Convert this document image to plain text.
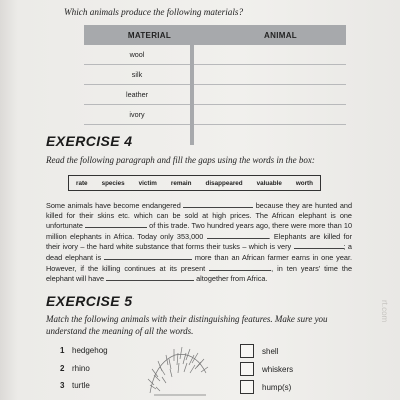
Which animals produce the following materials?
MATERIAL	ANIMAL
wool
silk
leather
ivory
EXERCISE 4
Read the following paragraph and fill the gaps using the words in the box:
rate species victim remain disappeared valuable worth
Some animals have become endangered	because they are hunted and killed for their skins etc. which can be sold at high prices. The African elephant is one unfortunate	of this trade. Two hundred years ago, there were more than 10 million elephants in Africa. Today only 353,000	. Elephants are killed for their ivory – the hard white substance that forms their tusks – which is very	; a dead elephant is	more than an African farmer earns in one year. However, if the killing continues at its present	, in ten years' time the elephant will have	altogether from Africa.
EXERCISE 5
Match the following animals with their distinguishing features. Make sure you understand the meaning of all the words.
1 hedgehog
2 rhino
3 turtle
shell
whiskers
hump(s)
rt.com
